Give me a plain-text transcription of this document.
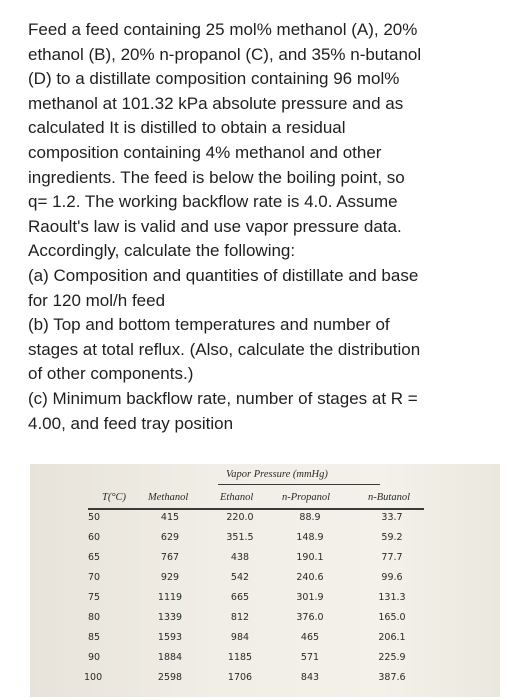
Feed a feed containing 25 mol% methanol (A), 20%
ethanol (B), 20% n-propanol (C), and 35% n-butanol
(D) to a distillate composition containing 96 mol%
methanol at 101.32 kPa absolute pressure and as
calculated It is distilled to obtain a residual
composition containing 4% methanol and other
ingredients. The feed is below the boiling point, so
q= 1.2. The working backflow rate is 4.0. Assume
Raoult's law is valid and use vapor pressure data.
Accordingly, calculate the following:
(a) Composition and quantities of distillate and base
for 120 mol/h feed
(b) Top and bottom temperatures and number of
stages at total reflux. (Also, calculate the distribution
of other components.)
(c) Minimum backflow rate, number of stages at R =
4.00, and feed tray position
Vapor Pressure (mmHg)
T(°C) Methanol	Ethanol	n-Propanol	n-Butanol
50	415	220.0	88.9	33.7
60	629	351.5	148.9	59.2
65	767	438	190.1	77.7
70	929	542	240.6	99.6
75	1119	665	301.9	131.3
80	1339	812	376.0	165.0
85	1593	984	465	206.1
90	1884	1185	571	225.9
100	2598	1706	843	387.6
